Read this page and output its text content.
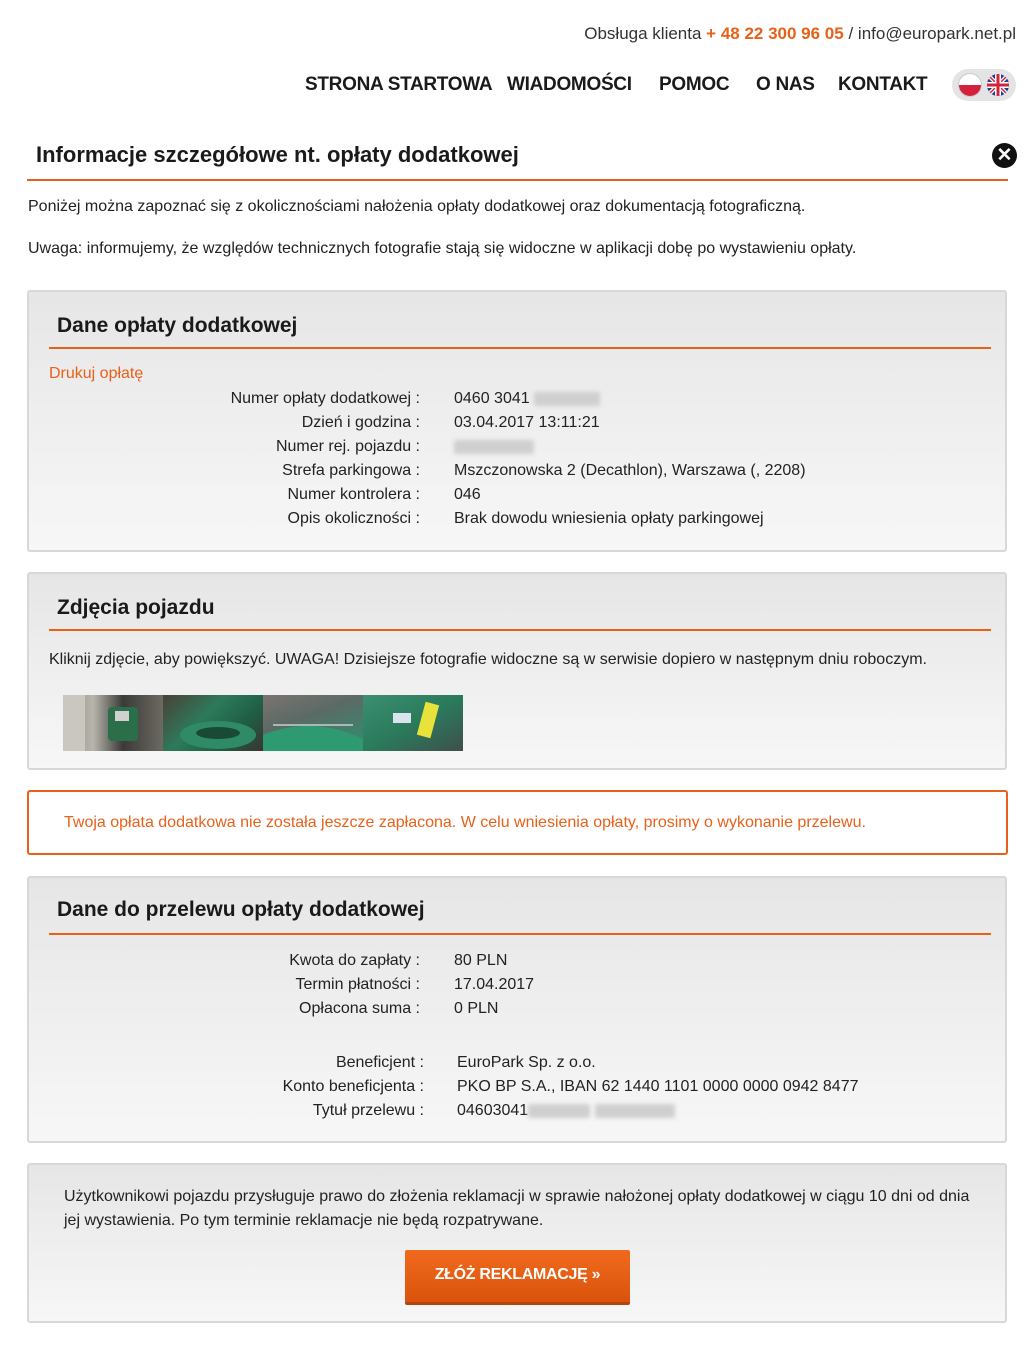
Obsługa klienta + 48 22 300 96 05 / info@europark.net.pl
STRONA STARTOWA WIADOMOŚCI POMOC O NAS KONTAKT
Informacje szczegółowe nt. opłaty dodatkowej	✕
Poniżej można zapoznać się z okolicznościami nałożenia opłaty dodatkowej oraz dokumentacją fotograficzną.
Uwaga: informujemy, że względów technicznych fotografie stają się widoczne w aplikacji dobę po wystawieniu opłaty.
Dane opłaty dodatkowej
Drukuj opłatę
Numer opłaty dodatkowej : 0460 3041
Dzień i godzina : 03.04.2017 13:11:21
Numer rej. pojazdu :
Strefa parkingowa : Mszczonowska 2 (Decathlon), Warszawa (, 2208)
Numer kontrolera : 046
Opis okoliczności : Brak dowodu wniesienia opłaty parkingowej
Zdjęcia pojazdu
Kliknij zdjęcie, aby powiększyć. UWAGA! Dzisiejsze fotografie widoczne są w serwisie dopiero w następnym dniu roboczym.
Twoja opłata dodatkowa nie została jeszcze zapłacona. W celu wniesienia opłaty, prosimy o wykonanie przelewu.
Dane do przelewu opłaty dodatkowej
Kwota do zapłaty : 80 PLN
Termin płatności : 17.04.2017
Opłacona suma : 0 PLN
Beneficjent : EuroPark Sp. z o.o.
Konto beneficjenta : PKO BP S.A., IBAN 62 1440 1101 0000 0000 0942 8477
Tytuł przelewu : 04603041
Użytkownikowi pojazdu przysługuje prawo do złożenia reklamacji w sprawie nałożonej opłaty dodatkowej w ciągu 10 dni od dnia jej wystawienia. Po tym terminie reklamacje nie będą rozpatrywane.
ZŁÓŻ REKLAMACJĘ »
